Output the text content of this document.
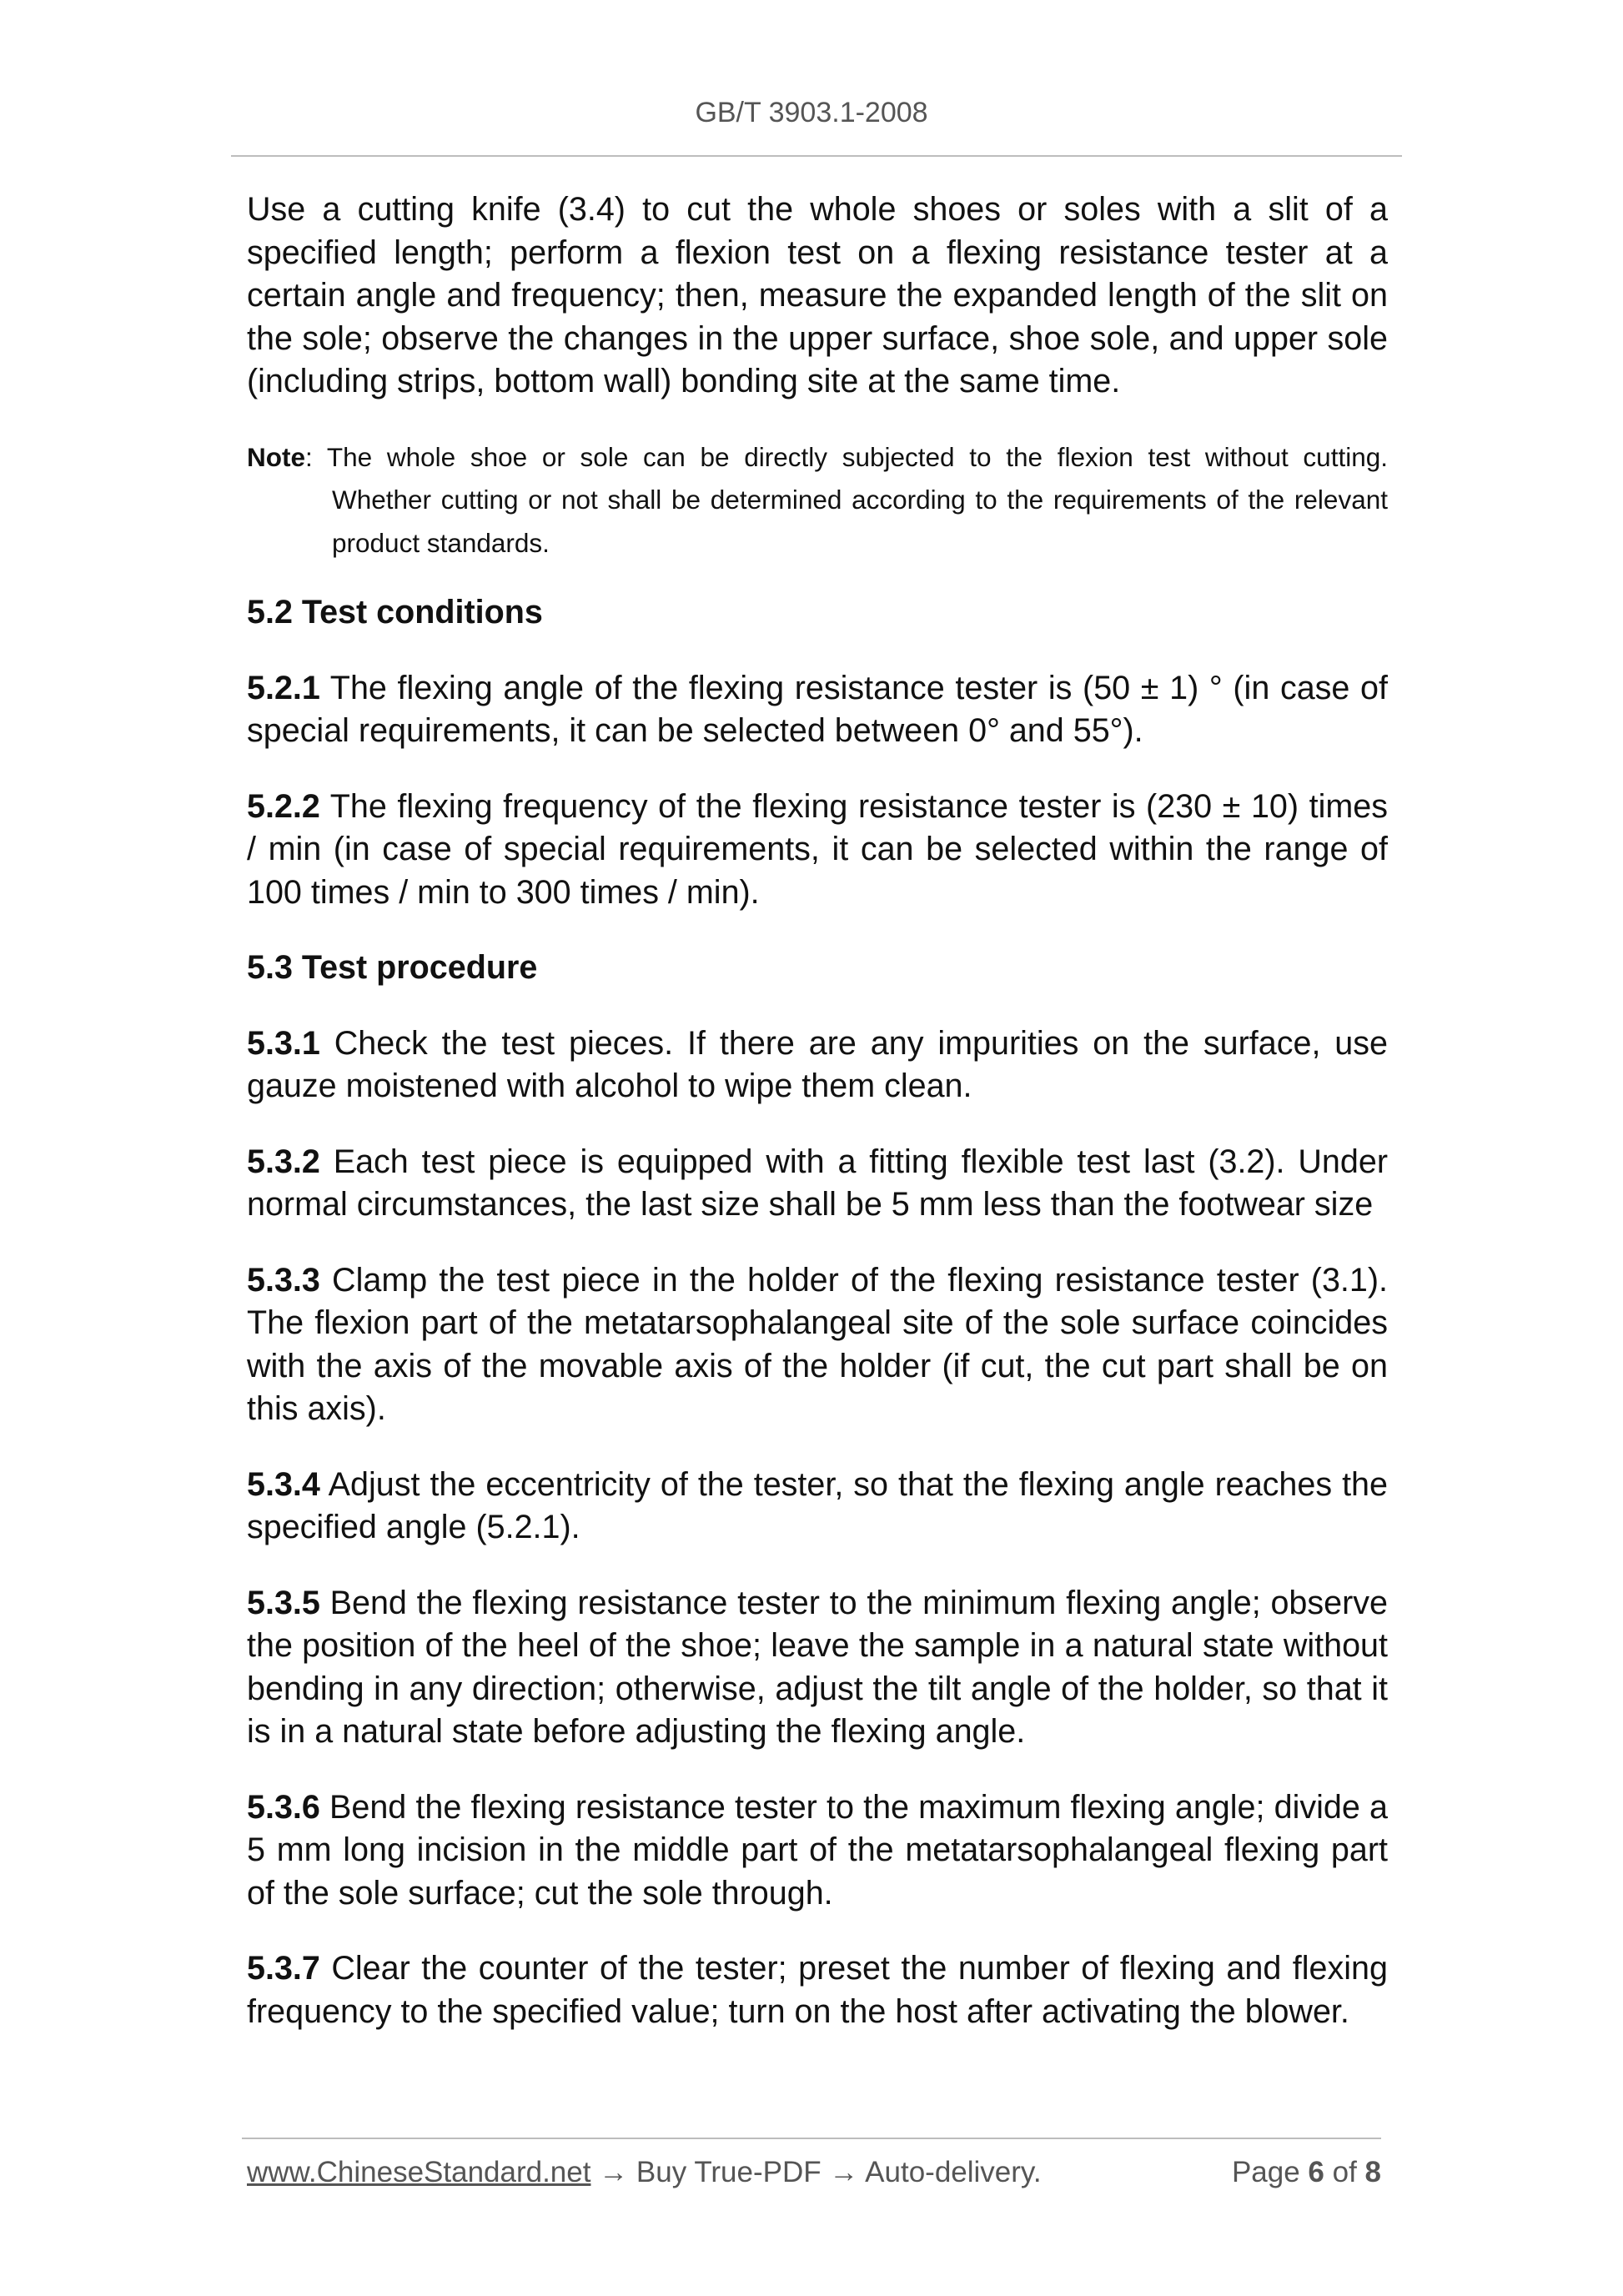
GB/T 3903.1-2008

Use a cutting knife (3.4) to cut the whole shoes or soles with a slit of a specified length; perform a flexion test on a flexing resistance tester at a certain angle and frequency; then, measure the expanded length of the slit on the sole; observe the changes in the upper surface, shoe sole, and upper sole (including strips, bottom wall) bonding site at the same time.

Note: The whole shoe or sole can be directly subjected to the flexion test without cutting.
Whether cutting or not shall be determined according to the requirements of the relevant product standards.
5.2 Test conditions

5.2.1 The flexing angle of the flexing resistance tester is (50 ± 1) ° (in case of special requirements, it can be selected between 0° and 55°).

5.2.2 The flexing frequency of the flexing resistance tester is (230 ± 10) times / min (in case of special requirements, it can be selected within the range of 100 times / min to 300 times / min).

5.3 Test procedure

5.3.1 Check the test pieces. If there are any impurities on the surface, use gauze moistened with alcohol to wipe them clean.

5.3.2 Each test piece is equipped with a fitting flexible test last (3.2). Under normal circumstances, the last size shall be 5 mm less than the footwear size

5.3.3 Clamp the test piece in the holder of the flexing resistance tester (3.1). The flexion part of the metatarsophalangeal site of the sole surface coincides with the axis of the movable axis of the holder (if cut, the cut part shall be on this axis).

5.3.4 Adjust the eccentricity of the tester, so that the flexing angle reaches the specified angle (5.2.1).

5.3.5 Bend the flexing resistance tester to the minimum flexing angle; observe the position of the heel of the shoe; leave the sample in a natural state without bending in any direction; otherwise, adjust the tilt angle of the holder, so that it is in a natural state before adjusting the flexing angle.

5.3.6 Bend the flexing resistance tester to the maximum flexing angle; divide a 5 mm long incision in the middle part of the metatarsophalangeal flexing part of the sole surface; cut the sole through.

5.3.7 Clear the counter of the tester; preset the number of flexing and flexing frequency to the specified value; turn on the host after activating the blower.

www.ChineseStandard.net → Buy True-PDF → Auto-delivery.	Page 6 of 8
